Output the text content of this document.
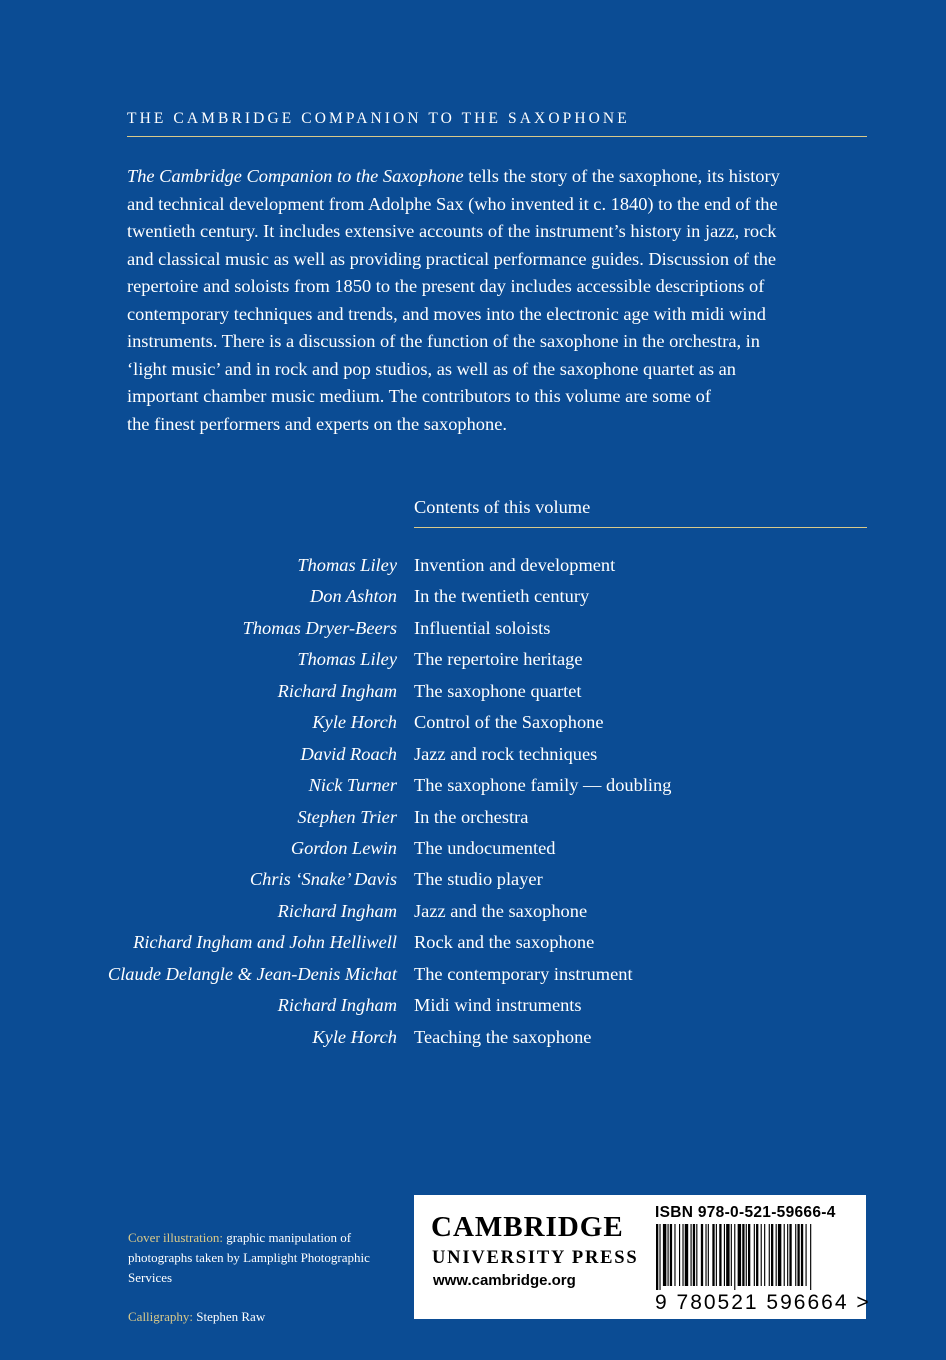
THE CAMBRIDGE COMPANION TO THE SAXOPHONE
The Cambridge Companion to the Saxophone tells the story of the saxophone, its history
and technical development from Adolphe Sax (who invented it c. 1840) to the end of the
twentieth century. It includes extensive accounts of the instrument’s history in jazz, rock
and classical music as well as providing practical performance guides. Discussion of the
repertoire and soloists from 1850 to the present day includes accessible descriptions of
contemporary techniques and trends, and moves into the electronic age with midi wind
instruments. There is a discussion of the function of the saxophone in the orchestra, in
‘light music’ and in rock and pop studios, as well as of the saxophone quartet as an
important chamber music medium. The contributors to this volume are some of
the finest performers and experts on the saxophone.
Contents of this volume
Thomas Liley Invention and development
Don Ashton In the twentieth century
Thomas Dryer-Beers Influential soloists
Thomas Liley The repertoire heritage
Richard Ingham The saxophone quartet
Kyle Horch Control of the Saxophone
David Roach Jazz and rock techniques
Nick Turner The saxophone family — doubling
Stephen Trier In the orchestra
Gordon Lewin The undocumented
Chris ‘Snake’ Davis The studio player
Richard Ingham Jazz and the saxophone
Richard Ingham and John Helliwell Rock and the saxophone
Claude Delangle & Jean-Denis Michat The contemporary instrument
Richard Ingham Midi wind instruments
Kyle Horch Teaching the saxophone

Cover illustration: graphic manipulation of photographs taken by Lamplight Photographic Services

Calligraphy: Stephen Raw

CAMBRIDGE
UNIVERSITY PRESS
www.cambridge.org
ISBN 978-0-521-59666-4
9 780521 596664 >
